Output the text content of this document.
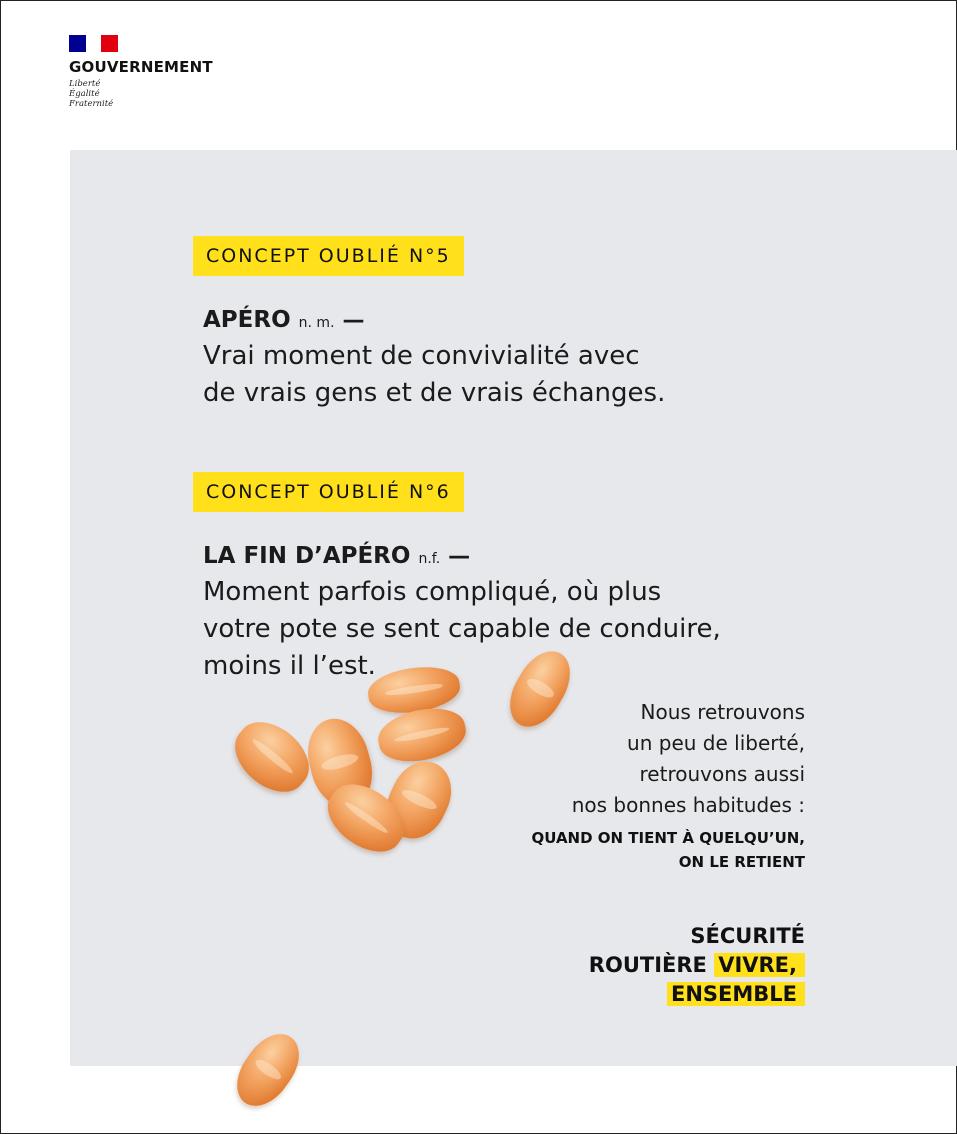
GOUVERNEMENT
Liberté
Égalité
Fraternité
CONCEPT OUBLIÉ N°5
APÉRO n. m. —
Vrai moment de convivialité avec
de vrais gens et de vrais échanges.
CONCEPT OUBLIÉ N°6
LA FIN D’APÉRO n.f. —
Moment parfois compliqué, où plus
votre pote se sent capable de conduire,
moins il l’est.
Nous retrouvons
un peu de liberté,
retrouvons aussi
nos bonnes habitudes :
QUAND ON TIENT À QUELQU’UN,
ON LE RETIENT
SÉCURITÉ
ROUTIÈRE VIVRE,
ENSEMBLE
